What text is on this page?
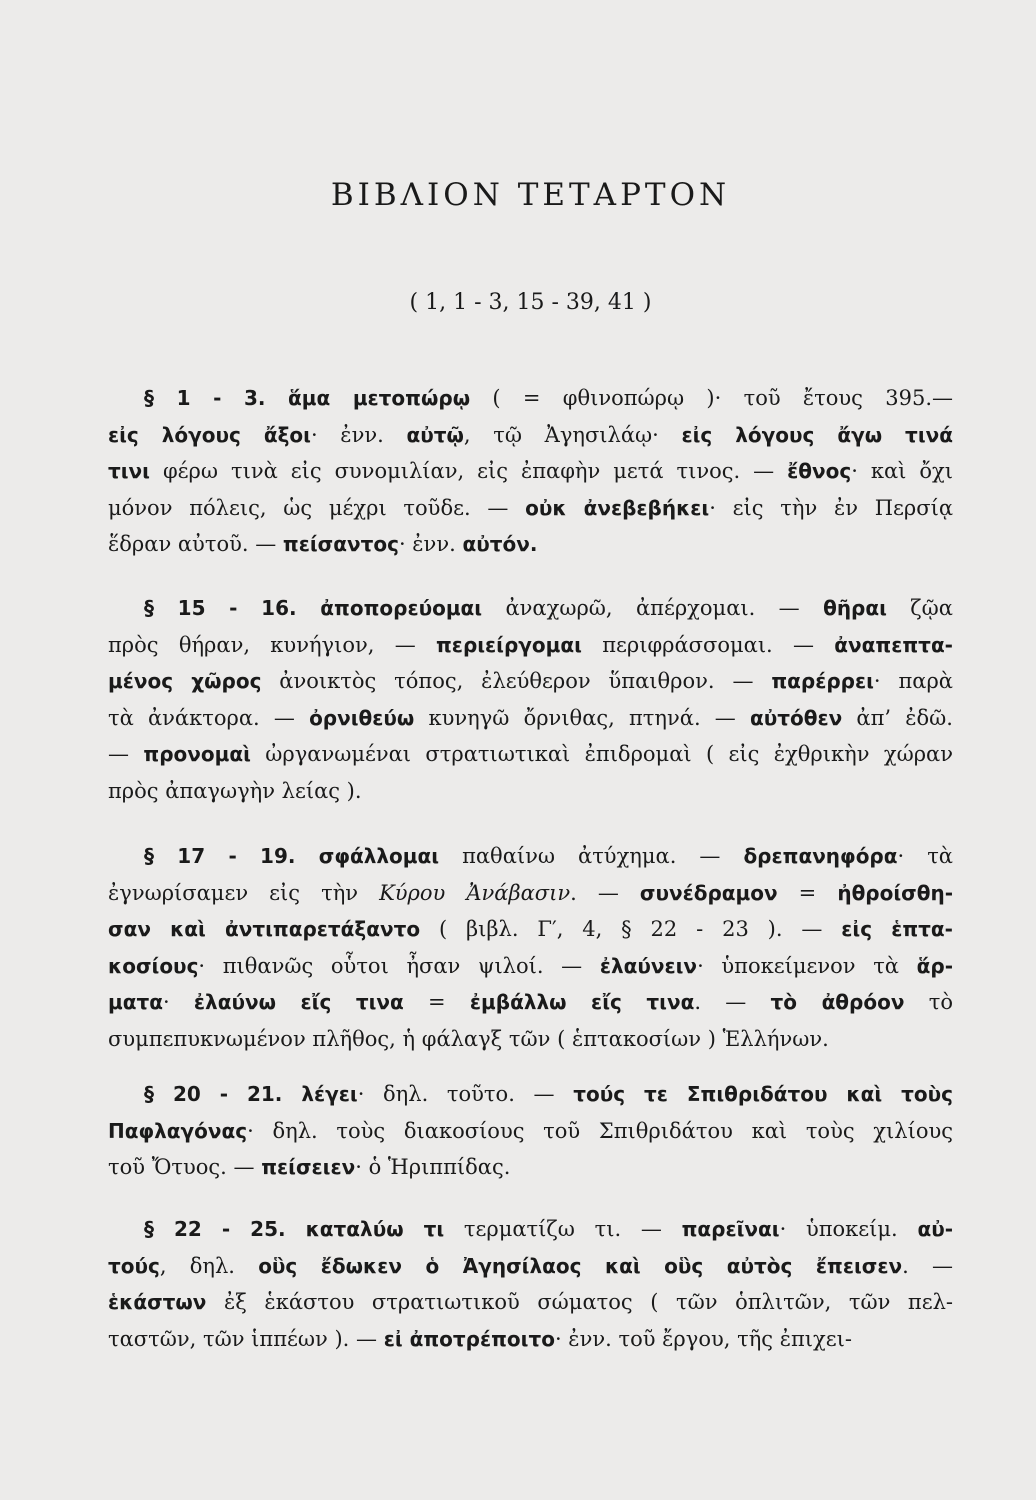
ΒΙΒΛΙΟΝ ΤΕΤΑΡΤΟΝ
( 1, 1 - 3, 15 - 39, 41 )
§ 1 - 3. ἅμα μετοπώρῳ ( = φθινοπώρῳ )· τοῦ ἔτους 395.—
εἰς λόγους ἄξοι· ἐνν. αὐτῷ, τῷ Ἀγησιλάῳ· εἰς λόγους ἄγω τινά
τινι φέρω τινὰ εἰς συνομιλίαν, εἰς ἐπαφὴν μετά τινος. — ἔθνος· καὶ ὄχι
μόνον πόλεις, ὡς μέχρι τοῦδε. — οὐκ ἀνεβεβήκει· εἰς τὴν ἐν Περσίᾳ
ἕδραν αὐτοῦ. — πείσαντος· ἐνν. αὐτόν.
§ 15 - 16. ἀποπορεύομαι ἀναχωρῶ, ἀπέρχομαι. — θῆραι ζῷα
πρὸς θήραν, κυνήγιον, — περιείργομαι περιφράσσομαι. — ἀναπεπτα-
μένος χῶρος ἀνοικτὸς τόπος, ἐλεύθερον ὕπαιθρον. — παρέρρει· παρὰ
τὰ ἀνάκτορα. — ὀρνιθεύω κυνηγῶ ὄρνιθας, πτηνά. — αὐτόθεν ἀπ’ ἐδῶ.
— προνομαὶ ὠργανωμέναι στρατιωτικαὶ ἐπιδρομαὶ ( εἰς ἐχθρικὴν χώραν
πρὸς ἀπαγωγὴν λείας ).
§ 17 - 19. σφάλλομαι παθαίνω ἀτύχημα. — δρεπανηφόρα· τὰ
ἐγνωρίσαμεν εἰς τὴν Κύρου Ἀνάβασιν. — συνέδραμον = ἠθροίσθη-
σαν καὶ ἀντιπαρετάξαντο ( βιβλ. Γ′, 4, § 22 - 23 ). — εἰς ἑπτα-
κοσίους· πιθανῶς οὗτοι ἦσαν ψιλοί. — ἐλαύνειν· ὑποκείμενον τὰ ἅρ-
ματα· ἐλαύνω εἴς τινα = ἐμβάλλω εἴς τινα. — τὸ ἀθρόον τὸ
συμπεπυκνωμένον πλῆθος, ἡ φάλαγξ τῶν ( ἑπτακοσίων ) Ἑλλήνων.
§ 20 - 21. λέγει· δηλ. τοῦτο. — τούς τε Σπιθριδάτου καὶ τοὺς
Παφλαγόνας· δηλ. τοὺς διακοσίους τοῦ Σπιθριδάτου καὶ τοὺς χιλίους
τοῦ Ὄτυος. — πείσειεν· ὁ Ἡριππίδας.
§ 22 - 25. καταλύω τι τερματίζω τι. — παρεῖναι· ὑποκείμ. αὐ-
τούς, δηλ. οὓς ἔδωκεν ὁ Ἀγησίλαος καὶ οὓς αὐτὸς ἔπεισεν. —
ἑκάστων ἐξ ἑκάστου στρατιωτικοῦ σώματος ( τῶν ὁπλιτῶν, τῶν πελ-
ταστῶν, τῶν ἱππέων ). — εἰ ἀποτρέποιτο· ἐνν. τοῦ ἔργου, τῆς ἐπιχει-
